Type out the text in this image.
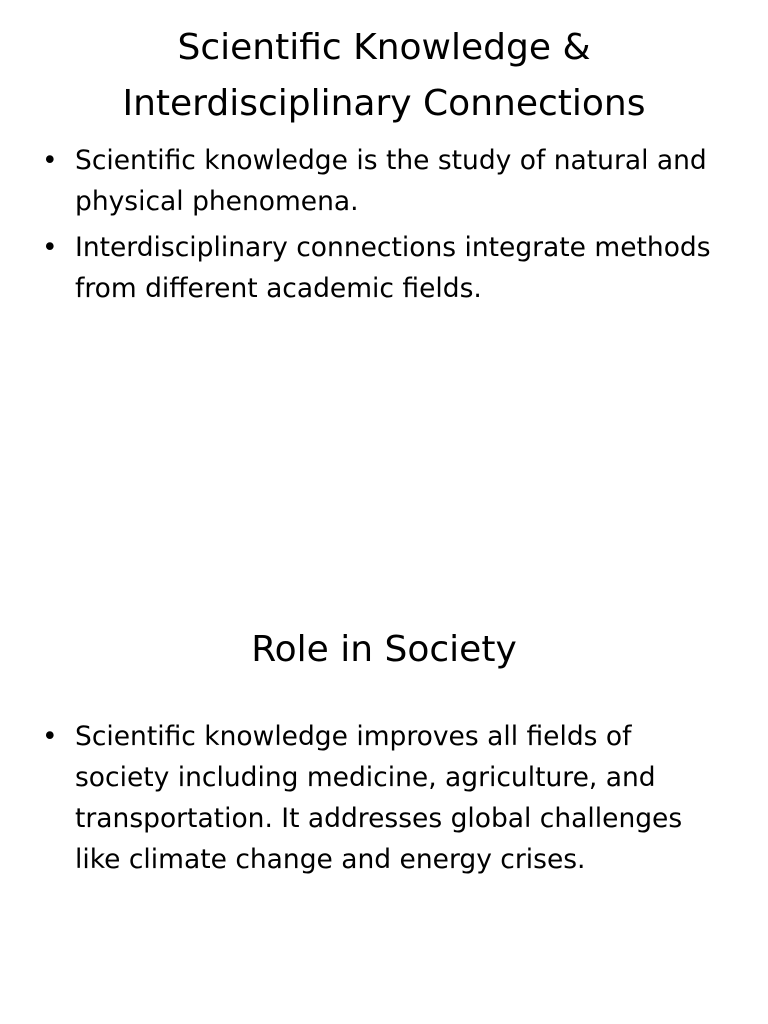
Scientific Knowledge & Interdisciplinary Connections
• Scientific knowledge is the study of natural and physical phenomena.
• Interdisciplinary connections integrate methods from different academic fields.
Role in Society
• Scientific knowledge improves all fields of society including medicine, agriculture, and transportation. It addresses global challenges like climate change and energy crises.
